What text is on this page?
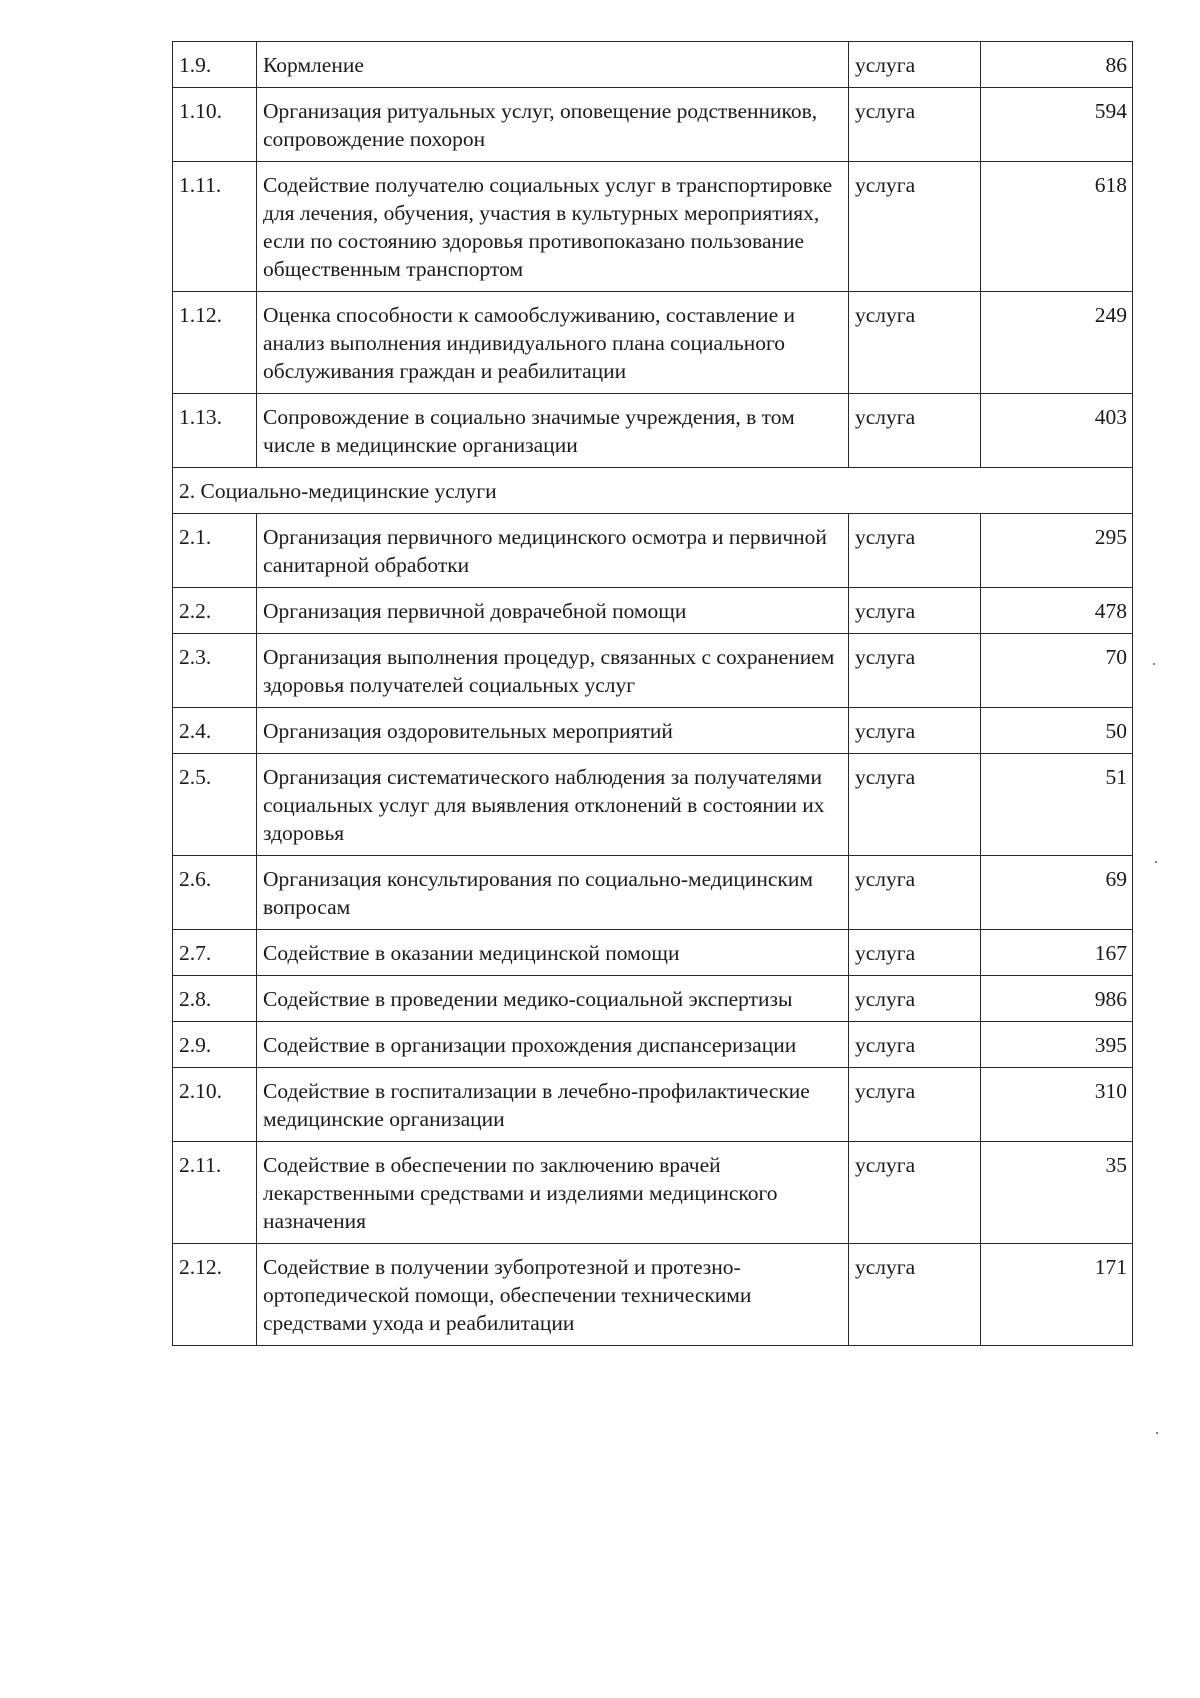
1.9.	Кормление	услуга	86
1.10.	Организация ритуальных услуг, оповещение родственников, сопровождение похорон	услуга	594
1.11.	Содействие получателю социальных услуг в транспортировке для лечения, обучения, участия в культурных мероприятиях, если по состоянию здоровья противопоказано пользование общественным транспортом	услуга	618
1.12.	Оценка способности к самообслуживанию, составление и анализ выполнения индивидуального плана социального обслуживания граждан и реабилитации	услуга	249
1.13.	Сопровождение в социально значимые учреждения, в том числе в медицинские организации	услуга	403
2. Социально-медицинские услуги			
2.1.	Организация первичного медицинского осмотра и первичной санитарной обработки	услуга	295
2.2.	Организация первичной доврачебной помощи	услуга	478
2.3.	Организация выполнения процедур, связанных с сохранением здоровья получателей социальных услуг	услуга	70
2.4.	Организация оздоровительных мероприятий	услуга	50
2.5.	Организация систематического наблюдения за получателями социальных услуг для выявления отклонений в состоянии их здоровья	услуга	51
2.6.	Организация консультирования по социально-медицинским вопросам	услуга	69
2.7.	Содействие в оказании медицинской помощи	услуга	167
2.8.	Содействие в проведении медико-социальной экспертизы	услуга	986
2.9.	Содействие в организации прохождения диспансеризации	услуга	395
2.10.	Содействие в госпитализации в лечебно-профилактические медицинские организации	услуга	310
2.11.	Содействие в обеспечении по заключению врачей лекарственными средствами и изделиями медицинского назначения	услуга	35
2.12.	Содействие в получении зубопротезной и протезно-ортопедической помощи, обеспечении техническими средствами ухода и реабилитации	услуга	171
